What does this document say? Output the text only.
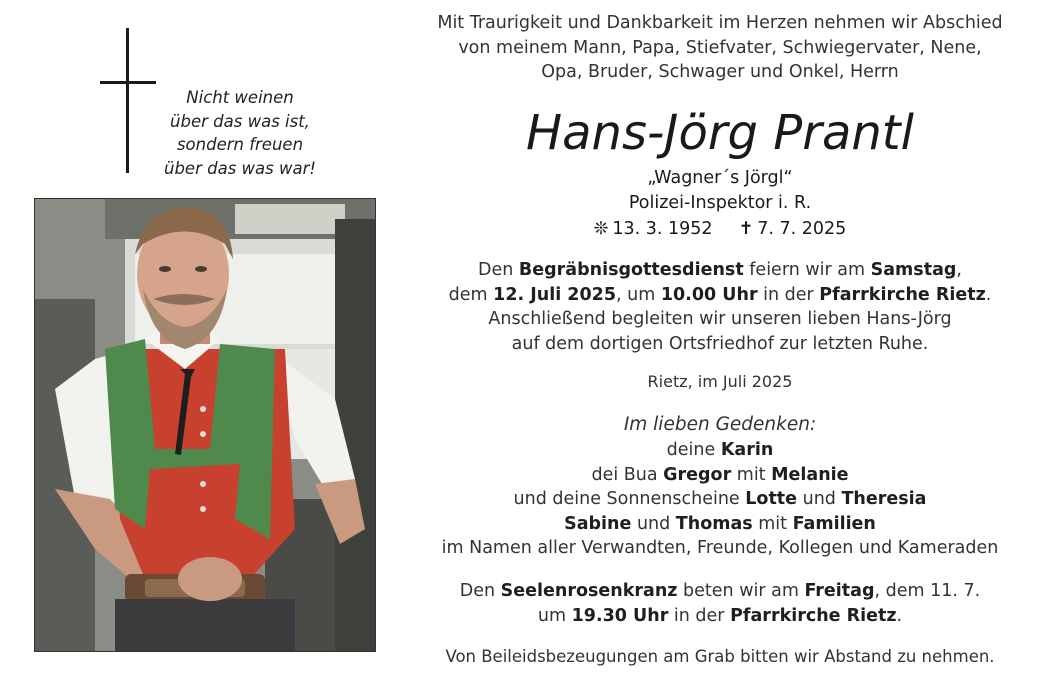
Nicht weinen
über das was ist,
sondern freuen
über das was war!
Mit Traurigkeit und Dankbarkeit im Herzen nehmen wir Abschied
von meinem Mann, Papa, Stiefvater, Schwiegervater, Nene,
Opa, Bruder, Schwager und Onkel, Herrn
Hans-Jörg Prantl
„Wagner´s Jörgl“
Polizei-Inspektor i. R.
❊ 13. 3. 1952 ✝ 7. 7. 2025
Den Begräbnisgottesdienst feiern wir am Samstag,
dem 12. Juli 2025, um 10.00 Uhr in der Pfarrkirche Rietz.
Anschließend begleiten wir unseren lieben Hans-Jörg
auf dem dortigen Ortsfriedhof zur letzten Ruhe.
Rietz, im Juli 2025
Im lieben Gedenken:
deine Karin
dei Bua Gregor mit Melanie
und deine Sonnenscheine Lotte und Theresia
Sabine und Thomas mit Familien
im Namen aller Verwandten, Freunde, Kollegen und Kameraden
Den Seelenrosenkranz beten wir am Freitag, dem 11. 7.
um 19.30 Uhr in der Pfarrkirche Rietz.
Von Beileidsbezeugungen am Grab bitten wir Abstand zu nehmen.
